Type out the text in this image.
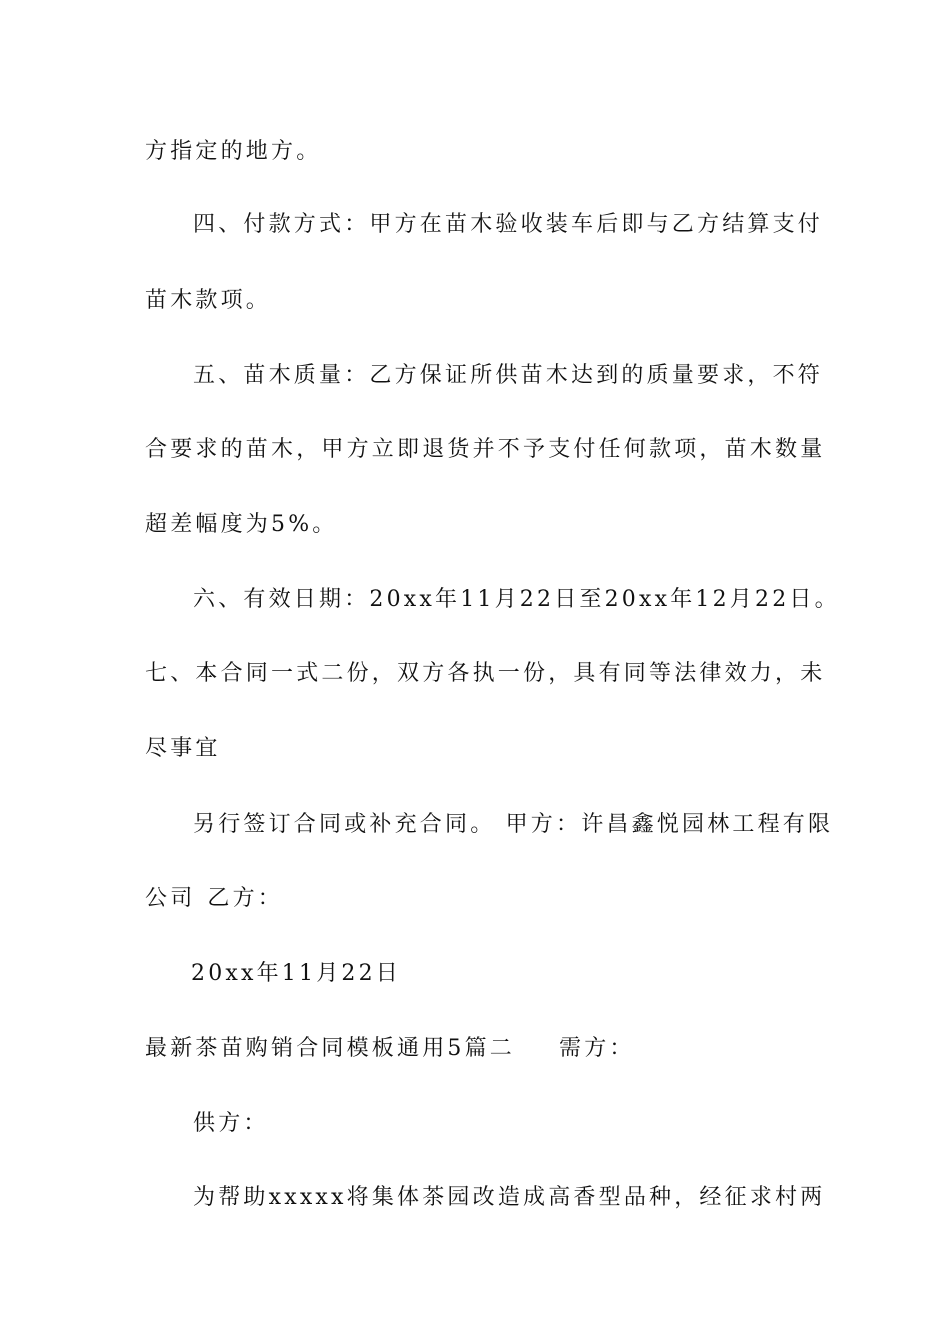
方指定的地方。
四、付款方式：甲方在苗木验收装车后即与乙方结算支付
苗木款项。
五、苗木质量：乙方保证所供苗木达到的质量要求，不符
合要求的苗木，甲方立即退货并不予支付任何款项，苗木数量
超差幅度为5%。
六、有效日期：20xx年11月22日至20xx年12月22日。
七、本合同一式二份，双方各执一份，具有同等法律效力，未
尽事宜
另行签订合同或补充合同。 甲方：许昌鑫悦园林工程有限
公司 乙方：
20xx年11月22日
最新茶苗购销合同模板通用5篇二 需方：
供方：
为帮助xxxxx将集体茶园改造成高香型品种，经征求村两
